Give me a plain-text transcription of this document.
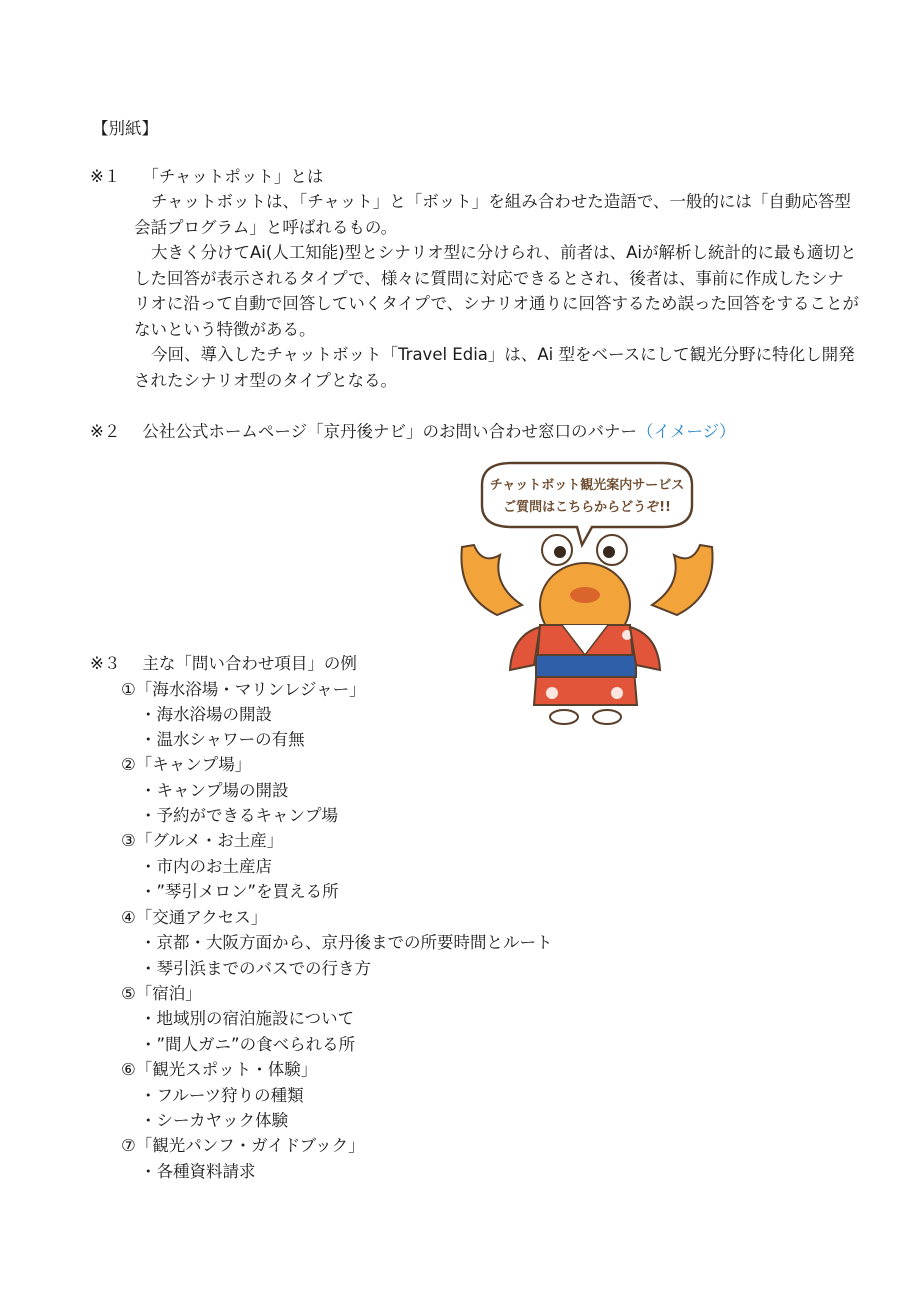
【別紙】
※１ 「チャットポット」とは
チャットボットは、「チャット」と「ボット」を組み合わせた造語で、一般的には「自動応答型 会話プログラム」と呼ばれるもの。
大きく分けてAi(人工知能)型とシナリオ型に分けられ、前者は、Aiが解析し統計的に最も適切とした回答が表示されるタイプで、様々に質問に対応できるとされ、後者は、事前に作成したシナリオに沿って自動で回答していくタイプで、シナリオ通りに回答するため誤った回答をすることがないという特徴がある。
今回、導入したチャットボット「Travel Edia」は、Ai 型をベースにして観光分野に特化し開発されたシナリオ型のタイプとなる。
※２ 公社公式ホームページ「京丹後ナビ」のお問い合わせ窓口のバナー（イメージ）
チャットボット観光案内サービス
ご質問はこちらからどうぞ!!
※３ 主な「問い合わせ項目」の例
①「海水浴場・マリンレジャー」
・海水浴場の開設
・温水シャワーの有無
②「キャンプ場」
・キャンプ場の開設
・予約ができるキャンプ場
③「グルメ・お土産」
・市内のお土産店
・”琴引メロン”を買える所
④「交通アクセス」
・京都・大阪方面から、京丹後までの所要時間とルート
・琴引浜までのバスでの行き方
⑤「宿泊」
・地域別の宿泊施設について
・”間人ガニ”の食べられる所
⑥「観光スポット・体験」
・フルーツ狩りの種類
・シーカヤック体験
⑦「観光パンフ・ガイドブック」
・各種資料請求
